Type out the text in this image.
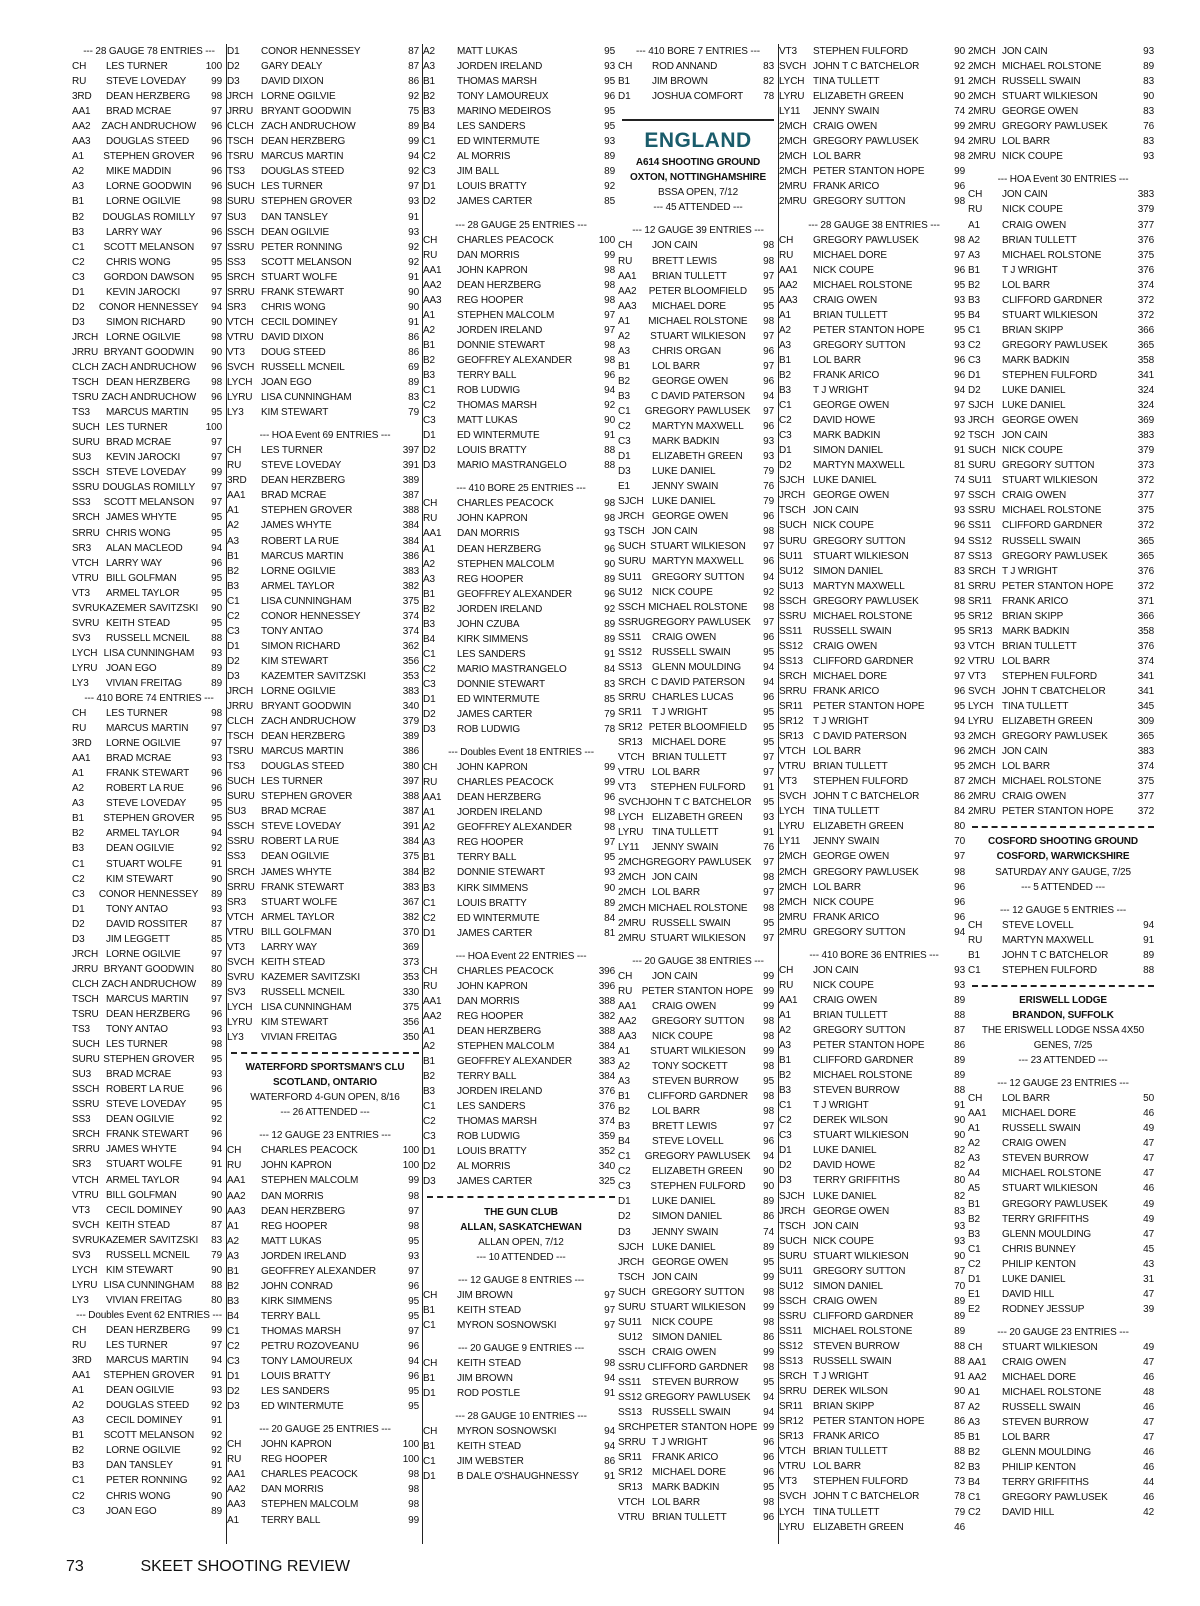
--- 28 GAUGE 78 ENTRIES ---
CH	LES TURNER	100
RU	STEVE LOVEDAY	99
3RD	DEAN HERZBERG	98
AA1	BRAD MCRAE	97
AA2	ZACH ANDRUCHOW	96
AA3	DOUGLAS STEED	96
A1	STEPHEN GROVER	96
A2	MIKE MADDIN	96
A3	LORNE GOODWIN	96
B1	LORNE OGILVIE	98
B2	DOUGLAS ROMILLY	97
B3	LARRY WAY	96
C1	SCOTT MELANSON	97
C2	CHRIS WONG	95
C3	GORDON DAWSON	95
D1	KEVIN JAROCKI	97
D2	CONOR HENNESSEY	94
D3	SIMON RICHARD	90
JRCH LORNE OGILVIE	98
JRRU BRYANT GOODWIN	90
CLCH ZACH ANDRUCHOW	96
TSCH DEAN HERZBERG	98
TSRU ZACH ANDRUCHOW	96
TS3	MARCUS MARTIN	95
SUCH LES TURNER	100
SURU BRAD MCRAE	97
SU3	KEVIN JAROCKI	97
SSCH STEVE LOVEDAY	99
SSRU DOUGLAS ROMILLY	97
SS3	SCOTT MELANSON	97
SRCH JAMES WHYTE	95
SRRU CHRIS WONG	95
SR3	ALAN MACLEOD	94
VTCH LARRY WAY	96
VTRU BILL GOLFMAN	95
VT3	ARMEL TAYLOR	95
SVRU KAZEMER SAVITZSKI	90
SVRU KEITH STEAD	95
SV3	RUSSELL MCNEIL	88
LYCH LISA CUNNINGHAM	93
LYRU JOAN EGO	89
LY3	VIVIAN FREITAG	89
--- 410 BORE 74 ENTRIES ---
CH	LES TURNER	98
RU	MARCUS MARTIN	97
3RD	LORNE OGILVIE	97
AA1	BRAD MCRAE	93
A1	FRANK STEWART	96
A2	ROBERT LA RUE	96
A3	STEVE LOVEDAY	95
B1	STEPHEN GROVER	95
B2	ARMEL TAYLOR	94
B3	DEAN OGILVIE	92
C1	STUART WOLFE	91
C2	KIM STEWART	90
C3	CONOR HENNESSEY	89
D1	TONY ANTAO	93
D2	DAVID ROSSITER	87
D3	JIM LEGGETT	85
JRCH LORNE OGILVIE	97
JRRU BRYANT GOODWIN	80
CLCH ZACH ANDRUCHOW	89
TSCH MARCUS MARTIN	97
TSRU DEAN HERZBERG	96
TS3	TONY ANTAO	93
SUCH LES TURNER	98
SURU STEPHEN GROVER	95
SU3	BRAD MCRAE	93
SSCH ROBERT LA RUE	96
SSRU STEVE LOVEDAY	95
SS3	DEAN OGILVIE	92
SRCH FRANK STEWART	96
SRRU JAMES WHYTE	94
SR3	STUART WOLFE	91
VTCH ARMEL TAYLOR	94
VTRU BILL GOLFMAN	90
VT3	CECIL DOMINEY	90
SVCH KEITH STEAD	87
SVRU KAZEMER SAVITZSKI	83
SV3	RUSSELL MCNEIL	79
LYCH KIM STEWART	90
LYRU LISA CUNNINGHAM	88
LY3	VIVIAN FREITAG	80
--- Doubles Event 62 ENTRIES ---
CH	DEAN HERZBERG	99
RU	LES TURNER	97
3RD	MARCUS MARTIN	94
AA1	STEPHEN GROVER	91
A1	DEAN OGILVIE	93
A2	DOUGLAS STEED	92
A3	CECIL DOMINEY	91
B1	SCOTT MELANSON	92
B2	LORNE OGILVIE	92
B3	DAN TANSLEY	91
C1	PETER RONNING	92
C2	CHRIS WONG	90
C3	JOAN EGO	89
D1	CONOR HENNESSEY	87
D2	GARY DEALY	87
D3	DAVID DIXON	86
JRCH LORNE OGILVIE	92
JRRU BRYANT GOODWIN	75
CLCH ZACH ANDRUCHOW	89
TSCH DEAN HERZBERG	99
TSRU MARCUS MARTIN	94
TS3	DOUGLAS STEED	92
SUCH LES TURNER	97
SURU STEPHEN GROVER	93
SU3	DAN TANSLEY	91
SSCH DEAN OGILVIE	93
SSRU PETER RONNING	92
SS3	SCOTT MELANSON	92
SRCH STUART WOLFE	91
SRRU FRANK STEWART	90
SR3	CHRIS WONG	90
VTCH CECIL DOMINEY	91
VTRU DAVID DIXON	86
VT3	DOUG STEED	86
SVCH RUSSELL MCNEIL	69
LYCH JOAN EGO	89
LYRU LISA CUNNINGHAM	83
LY3	KIM STEWART	79
--- HOA Event 69 ENTRIES ---
CH	LES TURNER	397
RU	STEVE LOVEDAY	391
3RD	DEAN HERZBERG	389
AA1	BRAD MCRAE	387
A1	STEPHEN GROVER	388
A2	JAMES WHYTE	384
A3	ROBERT LA RUE	384
B1	MARCUS MARTIN	386
B2	LORNE OGILVIE	383
B3	ARMEL TAYLOR	382
C1	LISA CUNNINGHAM	375
C2	CONOR HENNESSEY	374
C3	TONY ANTAO	374
D1	SIMON RICHARD	362
D2	KIM STEWART	356
D3	KAZEMTER SAVITZSKI	353
JRCH LORNE OGILVIE	383
JRRU BRYANT GOODWIN	340
CLCH ZACH ANDRUCHOW	379
TSCH DEAN HERZBERG	389
TSRU MARCUS MARTIN	386
TS3	DOUGLAS STEED	380
SUCH LES TURNER	397
SURU STEPHEN GROVER	388
SU3	BRAD MCRAE	387
SSCH STEVE LOVEDAY	391
SSRU ROBERT LA RUE	384
SS3	DEAN OGILVIE	375
SRCH JAMES WHYTE	384
SRRU FRANK STEWART	383
SR3	STUART WOLFE	367
VTCH ARMEL TAYLOR	382
VTRU BILL GOLFMAN	370
VT3	LARRY WAY	369
SVCH KEITH STEAD	373
SVRU KAZEMER SAVITZSKI	353
SV3	RUSSELL MCNEIL	330
LYCH LISA CUNNINGHAM	375
LYRU KIM STEWART	356
LY3	VIVIAN FREITAG	350
WATERFORD SPORTSMAN'S CLU
SCOTLAND, ONTARIO
WATERFORD 4-GUN OPEN, 8/16
--- 26 ATTENDED ---
--- 12 GAUGE 23 ENTRIES ---
CH	CHARLES PEACOCK	100
RU	JOHN KAPRON	100
AA1	STEPHEN MALCOLM	99
AA2	DAN MORRIS	98
AA3	DEAN HERZBERG	97
A1	REG HOOPER	98
A2	MATT LUKAS	95
A3	JORDEN IRELAND	93
B1	GEOFFREY ALEXANDER	97
B2	JOHN CONRAD	96
B3	KIRK SIMMENS	95
B4	TERRY BALL	95
C1	THOMAS MARSH	97
C2	PETRU ROZOVEANU	96
C3	TONY LAMOUREUX	94
D1	LOUIS BRATTY	96
D2	LES SANDERS	95
D3	ED WINTERMUTE	95
--- 20 GAUGE 25 ENTRIES ---
CH	JOHN KAPRON	100
RU	REG HOOPER	100
AA1	CHARLES PEACOCK	98
AA2	DAN MORRIS	98
AA3	STEPHEN MALCOLM	98
A1	TERRY BALL	99
A2	MATT LUKAS	95
A3	JORDEN IRELAND	93
B1	THOMAS MARSH	95
B2	TONY LAMOUREUX	96
B3	MARINO MEDEIROS	95
B4	LES SANDERS	95
C1	ED WINTERMUTE	93
C2	AL MORRIS	89
C3	JIM BALL	89
D1	LOUIS BRATTY	92
D2	JAMES CARTER	85
--- 28 GAUGE 25 ENTRIES ---
CH	CHARLES PEACOCK	100
RU	DAN MORRIS	99
AA1	JOHN KAPRON	98
AA2	DEAN HERZBERG	98
AA3	REG HOOPER	98
A1	STEPHEN MALCOLM	97
A2	JORDEN IRELAND	97
B1	DONNIE STEWART	98
B2	GEOFFREY ALEXANDER	98
B3	TERRY BALL	96
C1	ROB LUDWIG	94
C2	THOMAS MARSH	92
C3	MATT LUKAS	90
D1	ED WINTERMUTE	91
D2	LOUIS BRATTY	88
D3	MARIO MASTRANGELO	88
--- 410 BORE 25 ENTRIES ---
CH	CHARLES PEACOCK	98
RU	JOHN KAPRON	98
AA1	DAN MORRIS	93
A1	DEAN HERZBERG	96
A2	STEPHEN MALCOLM	90
A3	REG HOOPER	89
B1	GEOFFREY ALEXANDER	96
B2	JORDEN IRELAND	92
B3	JOHN CZUBA	89
B4	KIRK SIMMENS	89
C1	LES SANDERS	91
C2	MARIO MASTRANGELO	84
C3	DONNIE STEWART	83
D1	ED WINTERMUTE	85
D2	JAMES CARTER	79
D3	ROB LUDWIG	78
--- Doubles Event 18 ENTRIES ---
CH	JOHN KAPRON	99
RU	CHARLES PEACOCK	99
AA1	DEAN HERZBERG	96
A1	JORDEN IRELAND	98
A2	GEOFFREY ALEXANDER	98
A3	REG HOOPER	97
B1	TERRY BALL	95
B2	DONNIE STEWART	93
B3	KIRK SIMMENS	90
C1	LOUIS BRATTY	89
C2	ED WINTERMUTE	84
D1	JAMES CARTER	81
--- HOA Event 22 ENTRIES ---
CH	CHARLES PEACOCK	396
RU	JOHN KAPRON	396
AA1	DAN MORRIS	388
AA2	REG HOOPER	382
A1	DEAN HERZBERG	388
A2	STEPHEN MALCOLM	384
B1	GEOFFREY ALEXANDER	383
B2	TERRY BALL	384
B3	JORDEN IRELAND	376
C1	LES SANDERS	376
C2	THOMAS MARSH	374
C3	ROB LUDWIG	359
D1	LOUIS BRATTY	352
D2	AL MORRIS	340
D3	JAMES CARTER	325
THE GUN CLUB
ALLAN, SASKATCHEWAN
ALLAN OPEN, 7/12
--- 10 ATTENDED ---
--- 12 GAUGE 8 ENTRIES ---
CH	JIM BROWN	97
B1	KEITH STEAD	97
C1	MYRON SOSNOWSKI	97
--- 20 GAUGE 9 ENTRIES ---
CH	KEITH STEAD	98
B1	JIM BROWN	94
D1	ROD POSTLE	91
--- 28 GAUGE 10 ENTRIES ---
CH	MYRON SOSNOWSKI	94
B1	KEITH STEAD	94
C1	JIM WEBSTER	86
D1	B DALE O'SHAUGHNESSY	91
--- 410 BORE 7 ENTRIES ---
CH	ROD ANNAND	83
B1	JIM BROWN	82
D1	JOSHUA COMFORT	78
ENGLAND
A614 SHOOTING GROUND
OXTON, NOTTINGHAMSHIRE
BSSA OPEN, 7/12
--- 45 ATTENDED ---
--- 12 GAUGE 39 ENTRIES ---
CH	JON CAIN	98
RU	BRETT LEWIS	98
AA1	BRIAN TULLETT	97
AA2	PETER BLOOMFIELD	95
AA3	MICHAEL DORE	95
A1	MICHAEL ROLSTONE	98
A2	STUART WILKIESON	97
A3	CHRIS ORGAN	96
B1	LOL BARR	97
B2	GEORGE OWEN	96
B3	C DAVID PATERSON	94
C1	GREGORY PAWLUSEK	97
C2	MARTYN MAXWELL	96
C3	MARK BADKIN	93
D1	ELIZABETH GREEN	93
D3	LUKE DANIEL	79
E1	JENNY SWAIN	76
SJCH LUKE DANIEL	79
JRCH GEORGE OWEN	96
TSCH JON CAIN	98
SUCH STUART WILKIESON	97
SURU MARTYN MAXWELL	96
SU11	GREGORY SUTTON	94
SU12 NICK COUPE	92
SSCH MICHAEL ROLSTONE	98
SSRU GREGORY PAWLUSEK	97
SS11	CRAIG OWEN	96
SS12	RUSSELL SWAIN	95
SS13	GLENN MOULDING	94
SRCH C DAVID PATERSON	94
SRRU CHARLES LUCAS	96
SR11	T J WRIGHT	95
SR12 PETER BLOOMFIELD	95
SR13 MICHAEL DORE	95
VTCH BRIAN TULLETT	97
VTRU LOL BARR	97
VT3	STEPHEN FULFORD	91
SVCH JOHN T C BATCHELOR	95
LYCH ELIZABETH GREEN	93
LYRU TINA TULLETT	91
LY11	JENNY SWAIN	76
2MCH GREGORY PAWLUSEK	97
2MCH JON CAIN	98
2MCH LOL BARR	97
2MCH MICHAEL ROLSTONE	98
2MRU RUSSELL SWAIN	95
2MRU STUART WILKIESON	97
--- 20 GAUGE 38 ENTRIES ---
CH	JON CAIN	99
RU PETER STANTON HOPE	99
AA1	CRAIG OWEN	99
AA2	GREGORY SUTTON	98
AA3	NICK COUPE	98
A1	STUART WILKIESON	99
A2	TONY SOCKETT	98
A3	STEVEN BURROW	95
B1	CLIFFORD GARDNER	98
B2	LOL BARR	98
B3	BRETT LEWIS	97
B4	STEVE LOVELL	96
C1	GREGORY PAWLUSEK	94
C2	ELIZABETH GREEN	90
C3	STEPHEN FULFORD	90
D1	LUKE DANIEL	89
D2	SIMON DANIEL	86
D3	JENNY SWAIN	74
SJCH LUKE DANIEL	89
JRCH GEORGE OWEN	95
TSCH JON CAIN	99
SUCH GREGORY SUTTON	98
SURU STUART WILKIESON	99
SU11	NICK COUPE	98
SU12 SIMON DANIEL	86
SSCH CRAIG OWEN	99
SSRU CLIFFORD GARDNER	98
SS11	STEVEN BURROW	95
SS12 GREGORY PAWLUSEK	94
SS13	RUSSELL SWAIN	94
SRCH PETER STANTON HOPE 99
SRRU T J WRIGHT	96
SR11	FRANK ARICO	96
SR12 MICHAEL DORE	96
SR13 MARK BADKIN	95
VTCH LOL BARR	98
VTRU BRIAN TULLETT	96
VT3	STEPHEN FULFORD	90
SVCH JOHN T C BATCHELOR	92
LYCH TINA TULLETT	91
LYRU ELIZABETH GREEN	90
LY11	JENNY SWAIN	74
2MCH CRAIG OWEN	99
2MCH GREGORY PAWLUSEK	94
2MCH LOL BARR	98
2MCH PETER STANTON HOPE	99
2MRU FRANK ARICO	96
2MRU GREGORY SUTTON	98
--- 28 GAUGE 38 ENTRIES ---
CH	GREGORY PAWLUSEK	98
RU	MICHAEL DORE	97
AA1	NICK COUPE	96
AA2	MICHAEL ROLSTONE	95
AA3	CRAIG OWEN	93
A1	BRIAN TULLETT	95
A2	PETER STANTON HOPE	95
A3	GREGORY SUTTON	93
B1	LOL BARR	96
B2	FRANK ARICO	96
B3	T J WRIGHT	94
C1	GEORGE OWEN	97
C2	DAVID HOWE	93
C3	MARK BADKIN	92
D1	SIMON DANIEL	91
D2	MARTYN MAXWELL	81
SJCH LUKE DANIEL	74
JRCH GEORGE OWEN	97
TSCH JON CAIN	93
SUCH NICK COUPE	96
SURU GREGORY SUTTON	94
SU11	STUART WILKIESON	87
SU12 SIMON DANIEL	83
SU13 MARTYN MAXWELL	81
SSCH GREGORY PAWLUSEK	98
SSRU MICHAEL ROLSTONE	95
SS11	RUSSELL SWAIN	95
SS12	CRAIG OWEN	93
SS13	CLIFFORD GARDNER	92
SRCH MICHAEL DORE	97
SRRU FRANK ARICO	96
SR11	PETER STANTON HOPE	95
SR12 T J WRIGHT	94
SR13 C DAVID PATERSON	93
VTCH LOL BARR	96
VTRU BRIAN TULLETT	95
VT3	STEPHEN FULFORD	87
SVCH JOHN T C BATCHELOR	86
LYCH TINA TULLETT	84
LYRU ELIZABETH GREEN	80
LY11	JENNY SWAIN	70
2MCH GEORGE OWEN	97
2MCH GREGORY PAWLUSEK	98
2MCH LOL BARR	96
2MCH NICK COUPE	96
2MRU FRANK ARICO	96
2MRU GREGORY SUTTON	94
--- 410 BORE 36 ENTRIES ---
CH	JON CAIN	93
RU	NICK COUPE	93
AA1	CRAIG OWEN	89
A1	BRIAN TULLETT	88
A2	GREGORY SUTTON	87
A3	PETER STANTON HOPE	86
B1	CLIFFORD GARDNER	89
B2	MICHAEL ROLSTONE	89
B3	STEVEN BURROW	88
C1	T J WRIGHT	91
C2	DEREK WILSON	90
C3	STUART WILKIESON	90
D1	LUKE DANIEL	82
D2	DAVID HOWE	82
D3	TERRY GRIFFITHS	80
SJCH LUKE DANIEL	82
JRCH GEORGE OWEN	83
TSCH JON CAIN	93
SUCH NICK COUPE	93
SURU STUART WILKIESON	90
SU11	GREGORY SUTTON	87
SU12 SIMON DANIEL	70
SSCH CRAIG OWEN	89
SSRU CLIFFORD GARDNER	89
SS11	MICHAEL ROLSTONE	89
SS12	STEVEN BURROW	88
SS13	RUSSELL SWAIN	88
SRCH T J WRIGHT	91
SRRU DEREK WILSON	90
SR11	BRIAN SKIPP	87
SR12 PETER STANTON HOPE	86
SR13 FRANK ARICO	85
VTCH BRIAN TULLETT	88
VTRU LOL BARR	82
VT3	STEPHEN FULFORD	73
SVCH JOHN T C BATCHELOR	78
LYCH TINA TULLETT	79
LYRU ELIZABETH GREEN	46
2MCH JON CAIN	93
2MCH MICHAEL ROLSTONE	89
2MCH RUSSELL SWAIN	83
2MCH STUART WILKIESON	90
2MRU GEORGE OWEN	83
2MRU GREGORY PAWLUSEK	76
2MRU LOL BARR	83
2MRU NICK COUPE	93
--- HOA Event 30 ENTRIES ---
CH	JON CAIN	383
RU	NICK COUPE	379
A1	CRAIG OWEN	377
A2	BRIAN TULLETT	376
A3	MICHAEL ROLSTONE	375
B1	T J WRIGHT	376
B2	LOL BARR	374
B3	CLIFFORD GARDNER	372
B4	STUART WILKIESON	372
C1	BRIAN SKIPP	366
C2	GREGORY PAWLUSEK	365
C3	MARK BADKIN	358
D1	STEPHEN FULFORD	341
D2	LUKE DANIEL	324
SJCH LUKE DANIEL	324
JRCH GEORGE OWEN	369
TSCH JON CAIN	383
SUCH NICK COUPE	379
SURU GREGORY SUTTON	373
SU11	STUART WILKIESON	372
SSCH CRAIG OWEN	377
SSRU MICHAEL ROLSTONE	375
SS11	CLIFFORD GARDNER	372
SS12	RUSSELL SWAIN	365
SS13	GREGORY PAWLUSEK	365
SRCH T J WRIGHT	376
SRRU PETER STANTON HOPE	372
SR11	FRANK ARICO	371
SR12 BRIAN SKIPP	366
SR13 MARK BADKIN	358
VTCH BRIAN TULLETT	376
VTRU LOL BARR	374
VT3	STEPHEN FULFORD	341
SVCH JOHN T CBATCHELOR	341
LYCH TINA TULLETT	345
LYRU ELIZABETH GREEN	309
2MCH GREGORY PAWLUSEK	365
2MCH JON CAIN	383
2MCH LOL BARR	374
2MCH MICHAEL ROLSTONE	375
2MRU CRAIG OWEN	377
2MRU PETER STANTON HOPE	372
COSFORD SHOOTING GROUND
COSFORD, WARWICKSHIRE
SATURDAY ANY GAUGE, 7/25
--- 5 ATTENDED ---
--- 12 GAUGE 5 ENTRIES ---
CH	STEVE LOVELL	94
RU	MARTYN MAXWELL	91
B1	JOHN T C BATCHELOR	89
C1	STEPHEN FULFORD	88
ERISWELL LODGE
BRANDON, SUFFOLK
THE ERISWELL LODGE NSSA 4X50
GENES, 7/25
--- 23 ATTENDED ---
--- 12 GAUGE 23 ENTRIES ---
CH	LOL BARR	50
AA1	MICHAEL DORE	46
A1	RUSSELL SWAIN	49
A2	CRAIG OWEN	47
A3	STEVEN BURROW	47
A4	MICHAEL ROLSTONE	47
A5	STUART WILKIESON	46
B1	GREGORY PAWLUSEK	49
B2	TERRY GRIFFITHS	49
B3	GLENN MOULDING	47
C1	CHRIS BUNNEY	45
C2	PHILIP KENTON	43
D1	LUKE DANIEL	31
E1	DAVID HILL	47
E2	RODNEY JESSUP	39
--- 20 GAUGE 23 ENTRIES ---
CH	STUART WILKIESON	49
AA1	CRAIG OWEN	47
AA2	MICHAEL DORE	46
A1	MICHAEL ROLSTONE	48
A2	RUSSELL SWAIN	46
A3	STEVEN BURROW	47
B1	LOL BARR	47
B2	GLENN MOULDING	46
B3	PHILIP KENTON	46
B4	TERRY GRIFFITHS	44
C1	GREGORY PAWLUSEK	46
C2	DAVID HILL	42
73	SKEET SHOOTING REVIEW
